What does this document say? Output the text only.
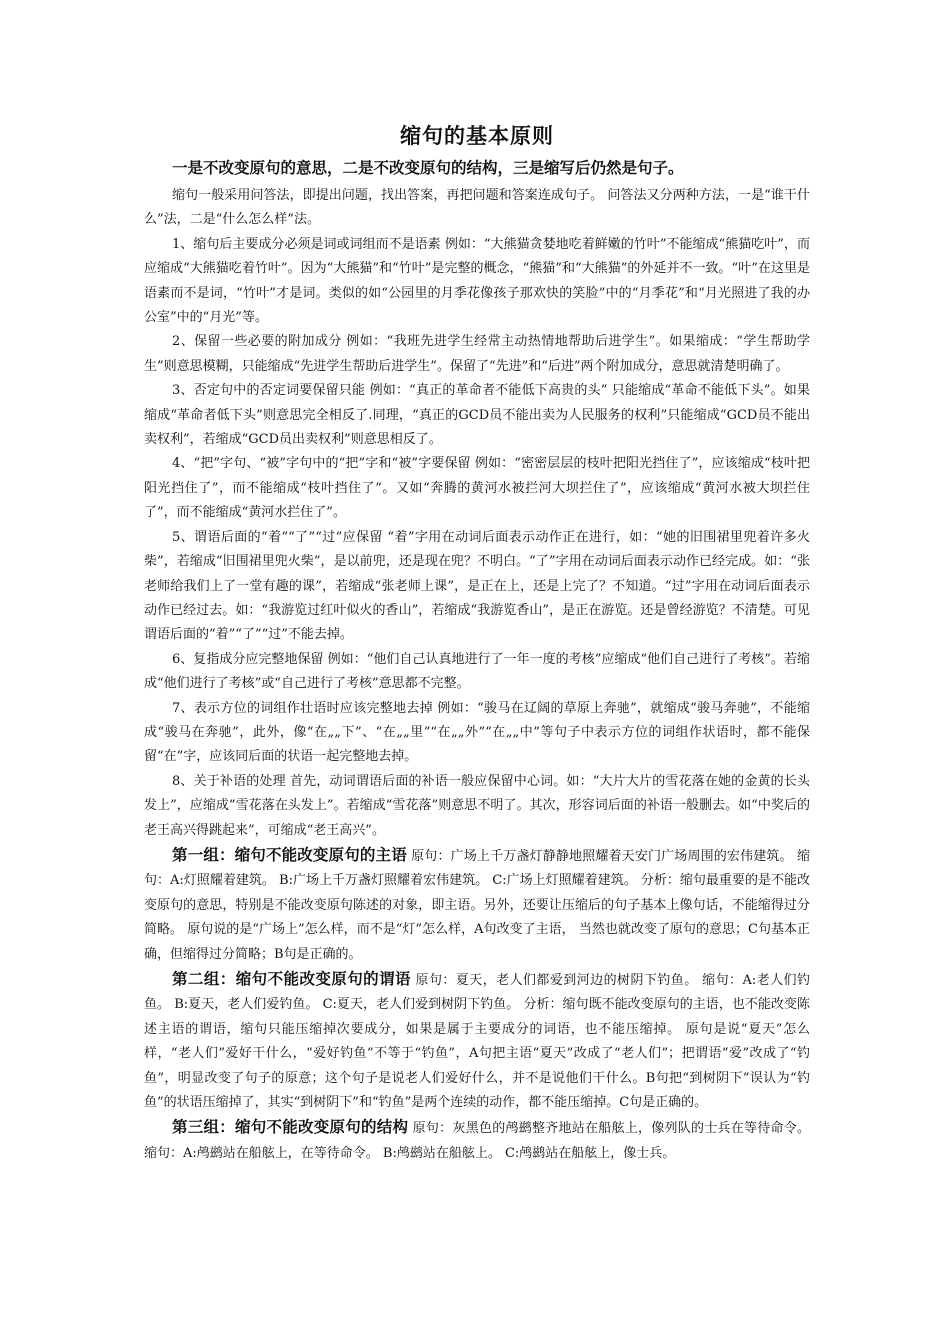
缩句的基本原则
一是不改变原句的意思，二是不改变原句的结构，三是缩写后仍然是句子。

缩句一般采用问答法，即提出问题，找出答案，再把问题和答案连成句子。 问答法又分两种方法，一是“谁干什么”法，二是“什么怎么样”法。

1、缩句后主要成分必须是词或词组而不是语素 例如：“大熊猫贪婪地吃着鲜嫩的竹叶”不能缩成“熊猫吃叶”，而应缩成“大熊猫吃着竹叶”。因为“大熊猫”和“竹叶”是完整的概念，“熊猫”和“大熊猫”的外延并不一致。“叶”在这里是语素而不是词，“竹叶”才是词。类似的如“公园里的月季花像孩子那欢快的笑脸”中的“月季花”和“月光照进了我的办公室”中的“月光”等。

2、保留一些必要的附加成分 例如：“我班先进学生经常主动热情地帮助后进学生”。如果缩成：“学生帮助学生”则意思模糊，只能缩成“先进学生帮助后进学生”。保留了“先进”和“后进”两个附加成分，意思就清楚明确了。

3、否定句中的否定词要保留只能 例如：“真正的革命者不能低下高贵的头” 只能缩成“革命不能低下头”。如果缩成“革命者低下头”则意思完全相反了.同理，“真正的GCD员不能出卖为人民服务的权利”只能缩成“GCD员不能出卖权利”，若缩成“GCD员出卖权利”则意思相反了。

4、“把”字句、“被”字句中的“把”字和“被”字要保留 例如：“密密层层的枝叶把阳光挡住了”，应该缩成“枝叶把阳光挡住了”，而不能缩成“枝叶挡住了”。又如“奔腾的黄河水被拦河大坝拦住了”，应该缩成“黄河水被大坝拦住了”，而不能缩成“黄河水拦住了”。

5、谓语后面的“着”“了”“过”应保留 “着”字用在动词后面表示动作正在进行，如：“她的旧围裙里兜着许多火柴”，若缩成“旧围裙里兜火柴”，是以前兜，还是现在兜？不明白。“了”字用在动词后面表示动作已经完成。如：“张老师给我们上了一堂有趣的课”，若缩成“张老师上课”，是正在上，还是上完了？不知道。“过”字用在动词后面表示动作已经过去。如：“我游览过红叶似火的香山”，若缩成“我游览香山”，是正在游览。还是曾经游览？不清楚。可见谓语后面的“着”“了”“过”不能去掉。

6、复指成分应完整地保留 例如：“他们自己认真地进行了一年一度的考核”应缩成“他们自己进行了考核”。若缩成“他们进行了考核”或“自己进行了考核”意思都不完整。

7、表示方位的词组作壮语时应该完整地去掉 例如：“骏马在辽阔的草原上奔驰”，就缩成“骏马奔驰”，不能缩成“骏马在奔驰”，此外，像“在„„下”、“在„„里”“在„„外”“在„„中”等句子中表示方位的词组作状语时，都不能保留“在”字，应该同后面的状语一起完整地去掉。

8、关于补语的处理 首先，动词谓语后面的补语一般应保留中心词。如：“大片大片的雪花落在她的金黄的长头发上”，应缩成“雪花落在头发上”。若缩成“雪花落”则意思不明了。其次，形容词后面的补语一般删去。如“中奖后的老王高兴得跳起来”，可缩成“老王高兴”。

第一组：缩句不能改变原句的主语 原句：广场上千万盏灯静静地照耀着天安门广场周围的宏伟建筑。 缩句：A:灯照耀着建筑。 B:广场上千万盏灯照耀着宏伟建筑。 C:广场上灯照耀着建筑。 分析：缩句最重要的是不能改变原句的意思，特别是不能改变原句陈述的对象，即主语。另外，还要让压缩后的句子基本上像句话，不能缩得过分简略。 原句说的是“广场上”怎么样，而不是“灯”怎么样，A句改变了主语， 当然也就改变了原句的意思；C句基本正确，但缩得过分简略；B句是正确的。

第二组：缩句不能改变原句的谓语 原句：夏天，老人们都爱到河边的树阴下钓鱼。 缩句：A:老人们钓鱼。 B:夏天，老人们爱钓鱼。 C:夏天，老人们爱到树阴下钓鱼。 分析：缩句既不能改变原句的主语，也不能改变陈述主语的谓语，缩句只能压缩掉次要成分，如果是属于主要成分的词语，也不能压缩掉。 原句是说“夏天”怎么样，“老人们”爱好干什么，“爱好钓鱼”不等于“钓鱼”，A句把主语“夏天”改成了“老人们”；把谓语“爱”改成了“钓鱼”，明显改变了句子的原意；这个句子是说老人们爱好什么，并不是说他们干什么。B句把“到树阴下”误认为“钓鱼”的状语压缩掉了，其实“到树阴下”和“钓鱼”是两个连续的动作，都不能压缩掉。C句是正确的。

第三组：缩句不能改变原句的结构 原句：灰黑色的鸬鹚整齐地站在船舷上，像列队的士兵在等待命令。 缩句：A:鸬鹚站在船舷上，在等待命令。 B:鸬鹚站在船舷上。 C:鸬鹚站在船舷上，像士兵。
